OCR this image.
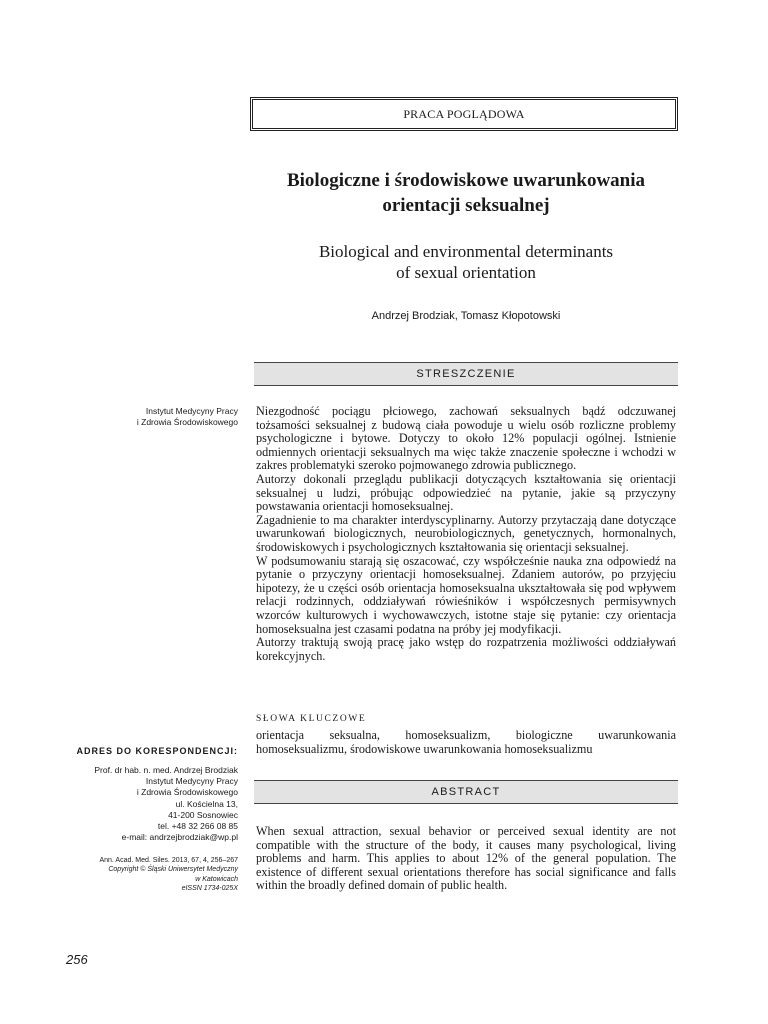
PRACA POGLĄDOWA
Biologiczne i środowiskowe uwarunkowania
orientacji seksualnej
Biological and environmental determinants
of sexual orientation
Andrzej Brodziak, Tomasz Kłopotowski
STRESZCZENIE
Instytut Medycyny Pracy
i Zdrowia Środowiskowego

Niezgodność pociągu płciowego, zachowań seksualnych bądź odczuwanej tożsamości seksualnej z budową ciała powoduje u wielu osób rozliczne problemy psychologiczne i bytowe. Dotyczy to około 12% populacji ogólnej. Istnienie odmiennych orientacji seksualnych ma więc także znaczenie społeczne i wchodzi w zakres problematyki szeroko pojmowanego zdrowia publicznego.

Autorzy dokonali przeglądu publikacji dotyczących kształtowania się orientacji seksualnej u ludzi, próbując odpowiedzieć na pytanie, jakie są przyczyny powstawania orientacji homoseksualnej.

Zagadnienie to ma charakter interdyscyplinarny. Autorzy przytaczają dane dotyczące uwarunkowań biologicznych, neurobiologicznych, genetycznych, hormonalnych, środowiskowych i psychologicznych kształtowania się orientacji seksualnej.

W podsumowaniu starają się oszacować, czy współcześnie nauka zna odpowiedź na pytanie o przyczyny orientacji homoseksualnej. Zdaniem autorów, po przyjęciu hipotezy, że u części osób orientacja homoseksualna ukształtowała się pod wpływem relacji rodzinnych, oddziaływań rówieśników i współczesnych permisywnych wzorców kulturowych i wychowawczych, istotne staje się pytanie: czy orientacja homoseksualna jest czasami podatna na próby jej modyfikacji.

Autorzy traktują swoją pracę jako wstęp do rozpatrzenia możliwości oddziaływań korekcyjnych.

SŁOWA KLUCZOWE
orientacja seksualna, homoseksualizm, biologiczne uwarunkowania homoseksualizmu, środowiskowe uwarunkowania homoseksualizmu
ADRES DO KORESPONDENCJI:
Prof. dr hab. n. med. Andrzej Brodziak
Instytut Medycyny Pracy
i Zdrowia Środowiskowego
ul. Kościelna 13,
41-200 Sosnowiec
tel. +48 32 266 08 85
e-mail: andrzejbrodziak@wp.pl
Ann. Acad. Med. Siles. 2013, 67, 4, 256–267
Copyright © Śląski Uniwersytet Medyczny
w Katowicach
eISSN 1734-025X
ABSTRACT
When sexual attraction, sexual behavior or perceived sexual identity are not compatible with the structure of the body, it causes many psychological, living problems and harm. This applies to about 12% of the general population. The existence of different sexual orientations therefore has social significance and falls within the broadly defined domain of public health.
256
